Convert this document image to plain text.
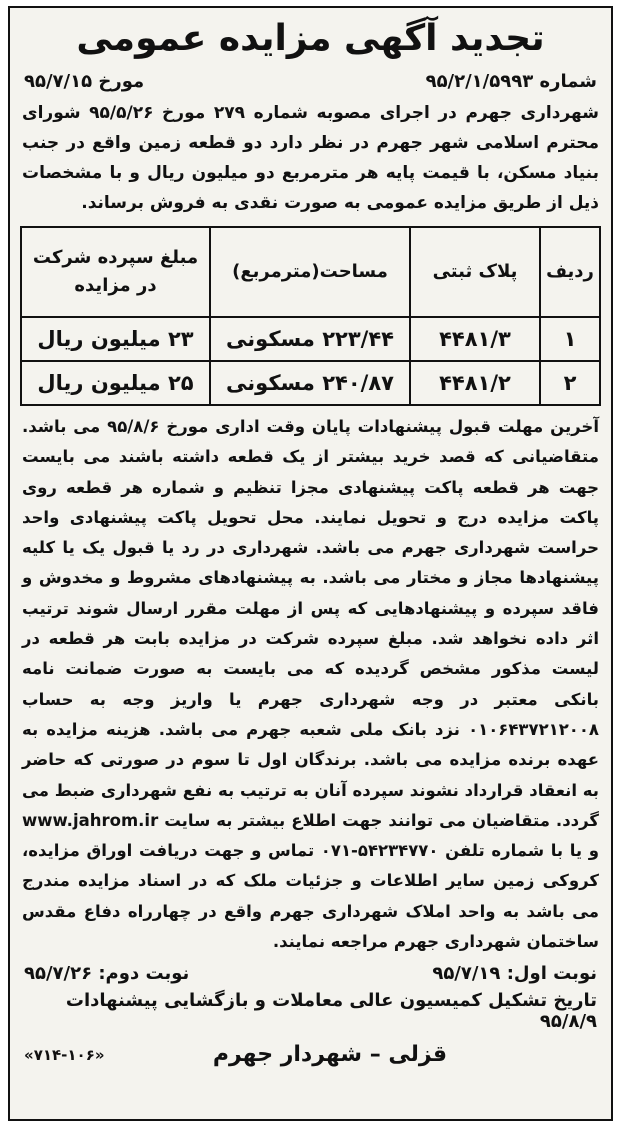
تجدید آگهی مزایده عمومی
شماره ۹۵/۲/۱/۵۹۹۳
مورخ ۹۵/۷/۱۵
شهرداری جهرم در اجرای مصوبه شماره ۲۷۹ مورخ ۹۵/۵/۲۶ شورای محترم اسلامی شهر جهرم در نظر دارد دو قطعه زمین واقع در جنب بنیاد مسکن، با قیمت پایه هر مترمربع دو میلیون ریال و با مشخصات ذیل از طریق مزایده عمومی به صورت نقدی به فروش برساند.
ردیف	پلاک ثبتی	مساحت(مترمربع)	مبلغ سپرده شرکت در مزایده
۱	۴۴۸۱/۳	۲۲۳/۴۴ مسکونی	۲۳ میلیون ریال
۲	۴۴۸۱/۲	۲۴۰/۸۷ مسکونی	۲۵ میلیون ریال
آخرین مهلت قبول پیشنهادات پایان وقت اداری مورخ ۹۵/۸/۶ می باشد. متقاضیانی که قصد خرید بیشتر از یک قطعه داشته باشند می بایست جهت هر قطعه پاکت پیشنهادی مجزا تنظیم و شماره هر قطعه روی پاکت مزایده درج و تحویل نمایند. محل تحویل پاکت پیشنهادی واحد حراست شهرداری جهرم می باشد. شهرداری در رد یا قبول یک یا کلیه پیشنهادها مجاز و مختار می باشد. به پیشنهادهای مشروط و مخدوش و فاقد سپرده و پیشنهادهایی که پس از مهلت مقرر ارسال شوند ترتیب اثر داده نخواهد شد. مبلغ سپرده شرکت در مزایده بابت هر قطعه در لیست مذکور مشخص گردیده که می بایست به صورت ضمانت نامه بانکی معتبر در وجه شهرداری جهرم یا واریز وجه به حساب ۰۱۰۶۴۳۷۲۱۲۰۰۸ نزد بانک ملی شعبه جهرم می باشد. هزینه مزایده به عهده برنده مزایده می باشد. برندگان اول تا سوم در صورتی که حاضر به انعقاد قرارداد نشوند سپرده آنان به ترتیب به نفع شهرداری ضبط می گردد. متقاضیان می توانند جهت اطلاع بیشتر به سایت www.jahrom.ir و یا با شماره تلفن ۵۴۲۳۴۷۷۰-۰۷۱ تماس و جهت دریافت اوراق مزایده، کروکی زمین سایر اطلاعات و جزئیات ملک که در اسناد مزایده مندرج می باشد به واحد املاک شهرداری جهرم واقع در چهارراه دفاع مقدس ساختمان شهرداری جهرم مراجعه نمایند.
نوبت اول: ۹۵/۷/۱۹
نوبت دوم: ۹۵/۷/۲۶
تاریخ تشکیل کمیسیون عالی معاملات و بازگشایی پیشنهادات ۹۵/۸/۹
قزلی – شهردار جهرم
«۷۱۴-۱۰۶»
